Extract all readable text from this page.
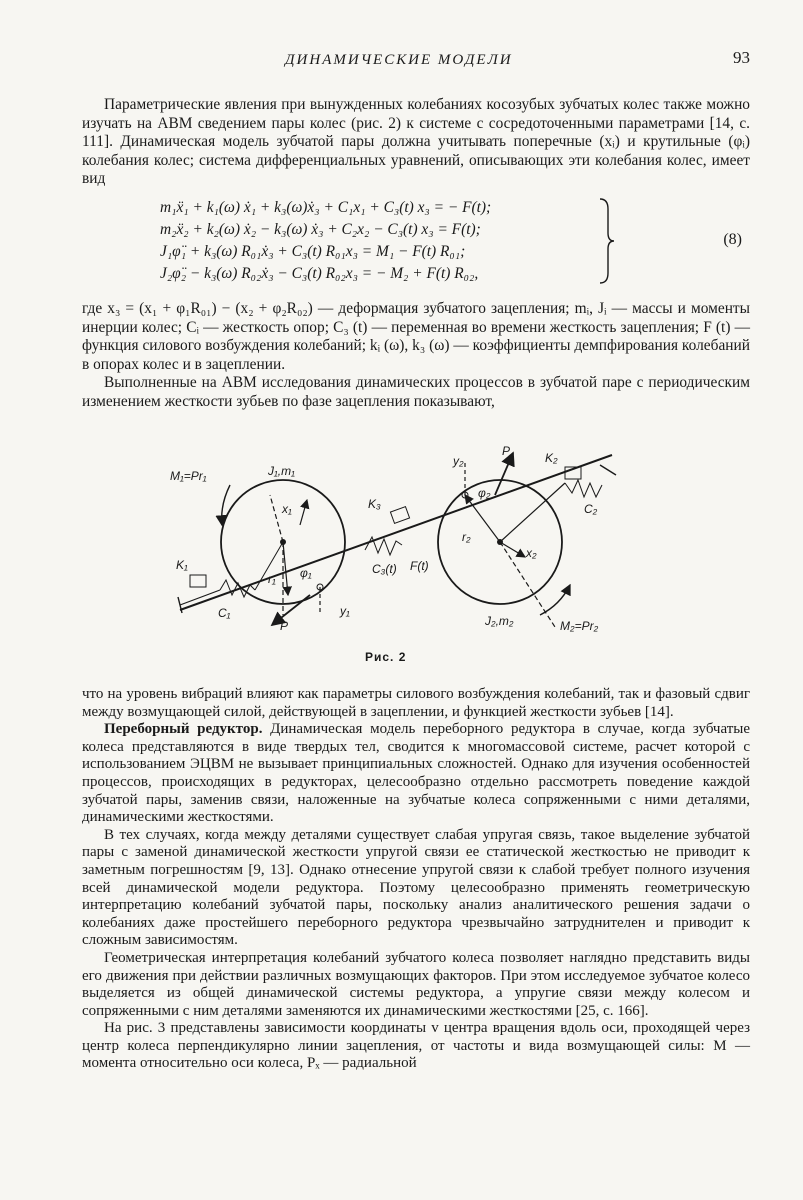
ДИНАМИЧЕСКИЕ МОДЕЛИ	93

Параметрические явления при вынужденных колебаниях косозубых зубчатых колес также можно изучать на АВМ сведением пары колес (рис. 2) к системе с сосредоточенными параметрами [14, с. 111]. Динамическая модель зубчатой пары должна учитывать поперечные (xᵢ) и крутильные (φᵢ) колебания колес; система дифференциальных уравнений, описывающих эти колебания колес, имеет вид

m₁ẍ₁ + k₁(ω) ẋ₁ + k₃(ω)ẋ₃ + C₁x₁ + C₃(t) x₃ = − F(t);
m₂ẍ₂ + k₂(ω) ẋ₂ − k₃(ω) ẋ₃ + C₂x₂ − C₃(t) x₃ = F(t);
J₁φ̈₁ + k₃(ω) R₀₁ẋ₃ + C₃(t) R₀₁x₃ = M₁ − F(t) R₀₁;
J₂φ̈₂ − k₃(ω) R₀₂ẋ₃ − C₃(t) R₀₂x₃ = − M₂ + F(t) R₀₂,
(8)

где x₃ = (x₁ + φ₁R₀₁) − (x₂ + φ₂R₀₂) — деформация зубчатого зацепления; mᵢ, Jᵢ — массы и моменты инерции колес; Cᵢ — жесткость опор; C₃ (t) — переменная во времени жесткость зацепления; F (t) — функция силового возбуждения колебаний; kᵢ (ω), k₃ (ω) — коэффициенты демпфирования колебаний в опорах колес и в зацеплении.

Выполненные на АВМ исследования динамических процессов в зубчатой паре с периодическим изменением жесткости зубьев по фазе зацепления показывают,

M₁=Pr₁	J₁,m₁
x₁
K₁
C₁
r₁ φ₁
y₁
P
K₃
C₃(t) F(t)
y₂
P
φ₂
K₂
C₂
r₂
x₂
J₂,m₂	M₂=Pr₂
Рис. 2

что на уровень вибраций влияют как параметры силового возбуждения колебаний, так и фазовый сдвиг между возмущающей силой, действующей в зацеплении, и функцией жесткости зубьев [14].

Переборный редуктор. Динамическая модель переборного редуктора в случае, когда зубчатые колеса представляются в виде твердых тел, сводится к многомассовой системе, расчет которой с использованием ЭЦВМ не вызывает принципиальных сложностей. Однако для изучения особенностей процессов, происходящих в редукторах, целесообразно отдельно рассмотреть поведение каждой зубчатой пары, заменив связи, наложенные на зубчатые колеса сопряженными с ними деталями, динамическими жесткостями.

В тех случаях, когда между деталями существует слабая упругая связь, такое выделение зубчатой пары с заменой динамической жесткости упругой связи ее статической жесткостью не приводит к заметным погрешностям [9, 13]. Однако отнесение упругой связи к слабой требует полного изучения всей динамической модели редуктора. Поэтому целесообразно применять геометрическую интерпретацию колебаний зубчатой пары, поскольку анализ аналитического решения задачи о колебаниях даже простейшего переборного редуктора чрезвычайно затруднителен и приводит к сложным зависимостям.

Геометрическая интерпретация колебаний зубчатого колеса позволяет наглядно представить виды его движения при действии различных возмущающих факторов. При этом исследуемое зубчатое колесо выделяется из общей динамической системы редуктора, а упругие связи между колесом и сопряженными с ним деталями заменяются их динамическими жесткостями [25, с. 166].

На рис. 3 представлены зависимости координаты v центра вращения вдоль оси, проходящей через центр колеса перпендикулярно линии зацепления, от частоты и вида возмущающей силы: M — момента относительно оси колеса, Pₓ — радиальной
